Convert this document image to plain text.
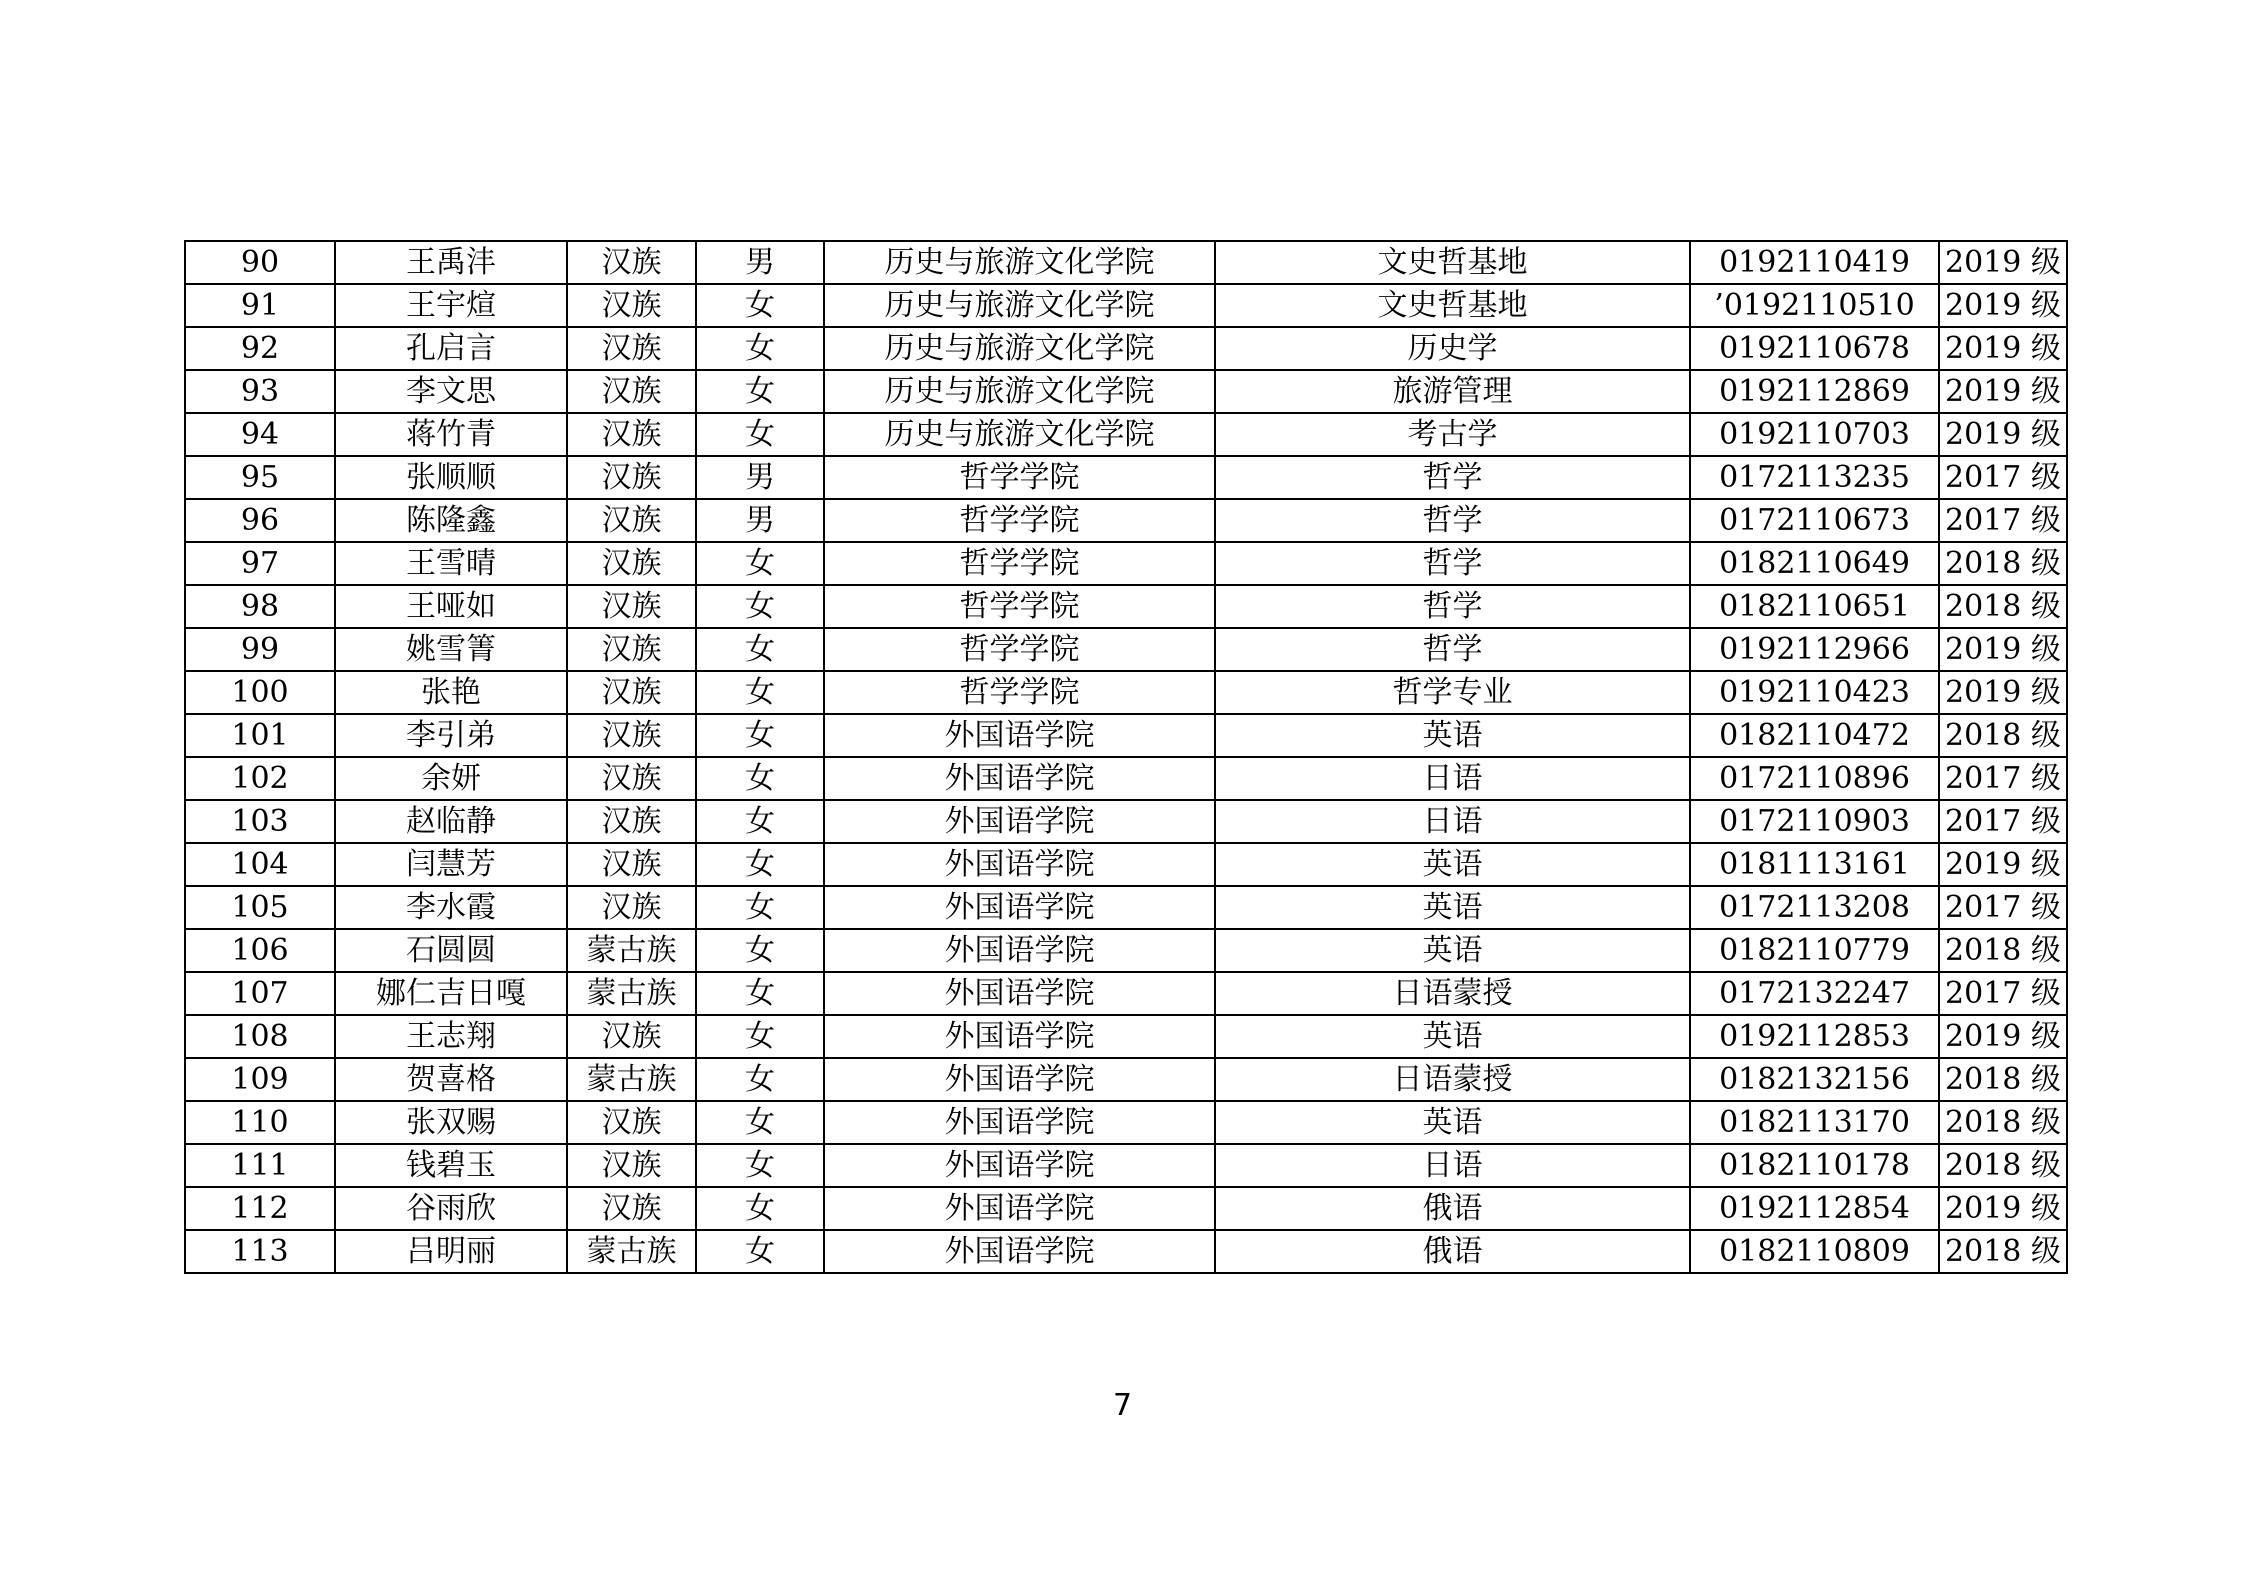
90	王禹沣	汉族	男	历史与旅游文化学院	文史哲基地	0192110419	2019 级
91	王宇煊	汉族	女	历史与旅游文化学院	文史哲基地	’0192110510	2019 级
92	孔启言	汉族	女	历史与旅游文化学院	历史学	0192110678	2019 级
93	李文思	汉族	女	历史与旅游文化学院	旅游管理	0192112869	2019 级
94	蒋竹青	汉族	女	历史与旅游文化学院	考古学	0192110703	2019 级
95	张顺顺	汉族	男	哲学学院	哲学	0172113235	2017 级
96	陈隆鑫	汉族	男	哲学学院	哲学	0172110673	2017 级
97	王雪晴	汉族	女	哲学学院	哲学	0182110649	2018 级
98	王哑如	汉族	女	哲学学院	哲学	0182110651	2018 级
99	姚雪箐	汉族	女	哲学学院	哲学	0192112966	2019 级
100	张艳	汉族	女	哲学学院	哲学专业	0192110423	2019 级
101	李引弟	汉族	女	外国语学院	英语	0182110472	2018 级
102	余妍	汉族	女	外国语学院	日语	0172110896	2017 级
103	赵临静	汉族	女	外国语学院	日语	0172110903	2017 级
104	闫慧芳	汉族	女	外国语学院	英语	0181113161	2019 级
105	李水霞	汉族	女	外国语学院	英语	0172113208	2017 级
106	石圆圆	蒙古族	女	外国语学院	英语	0182110779	2018 级
107	娜仁吉日嘎	蒙古族	女	外国语学院	日语蒙授	0172132247	2017 级
108	王志翔	汉族	女	外国语学院	英语	0192112853	2019 级
109	贺喜格	蒙古族	女	外国语学院	日语蒙授	0182132156	2018 级
110	张双赐	汉族	女	外国语学院	英语	0182113170	2018 级
111	钱碧玉	汉族	女	外国语学院	日语	0182110178	2018 级
112	谷雨欣	汉族	女	外国语学院	俄语	0192112854	2019 级
113	吕明丽	蒙古族	女	外国语学院	俄语	0182110809	2018 级
7
